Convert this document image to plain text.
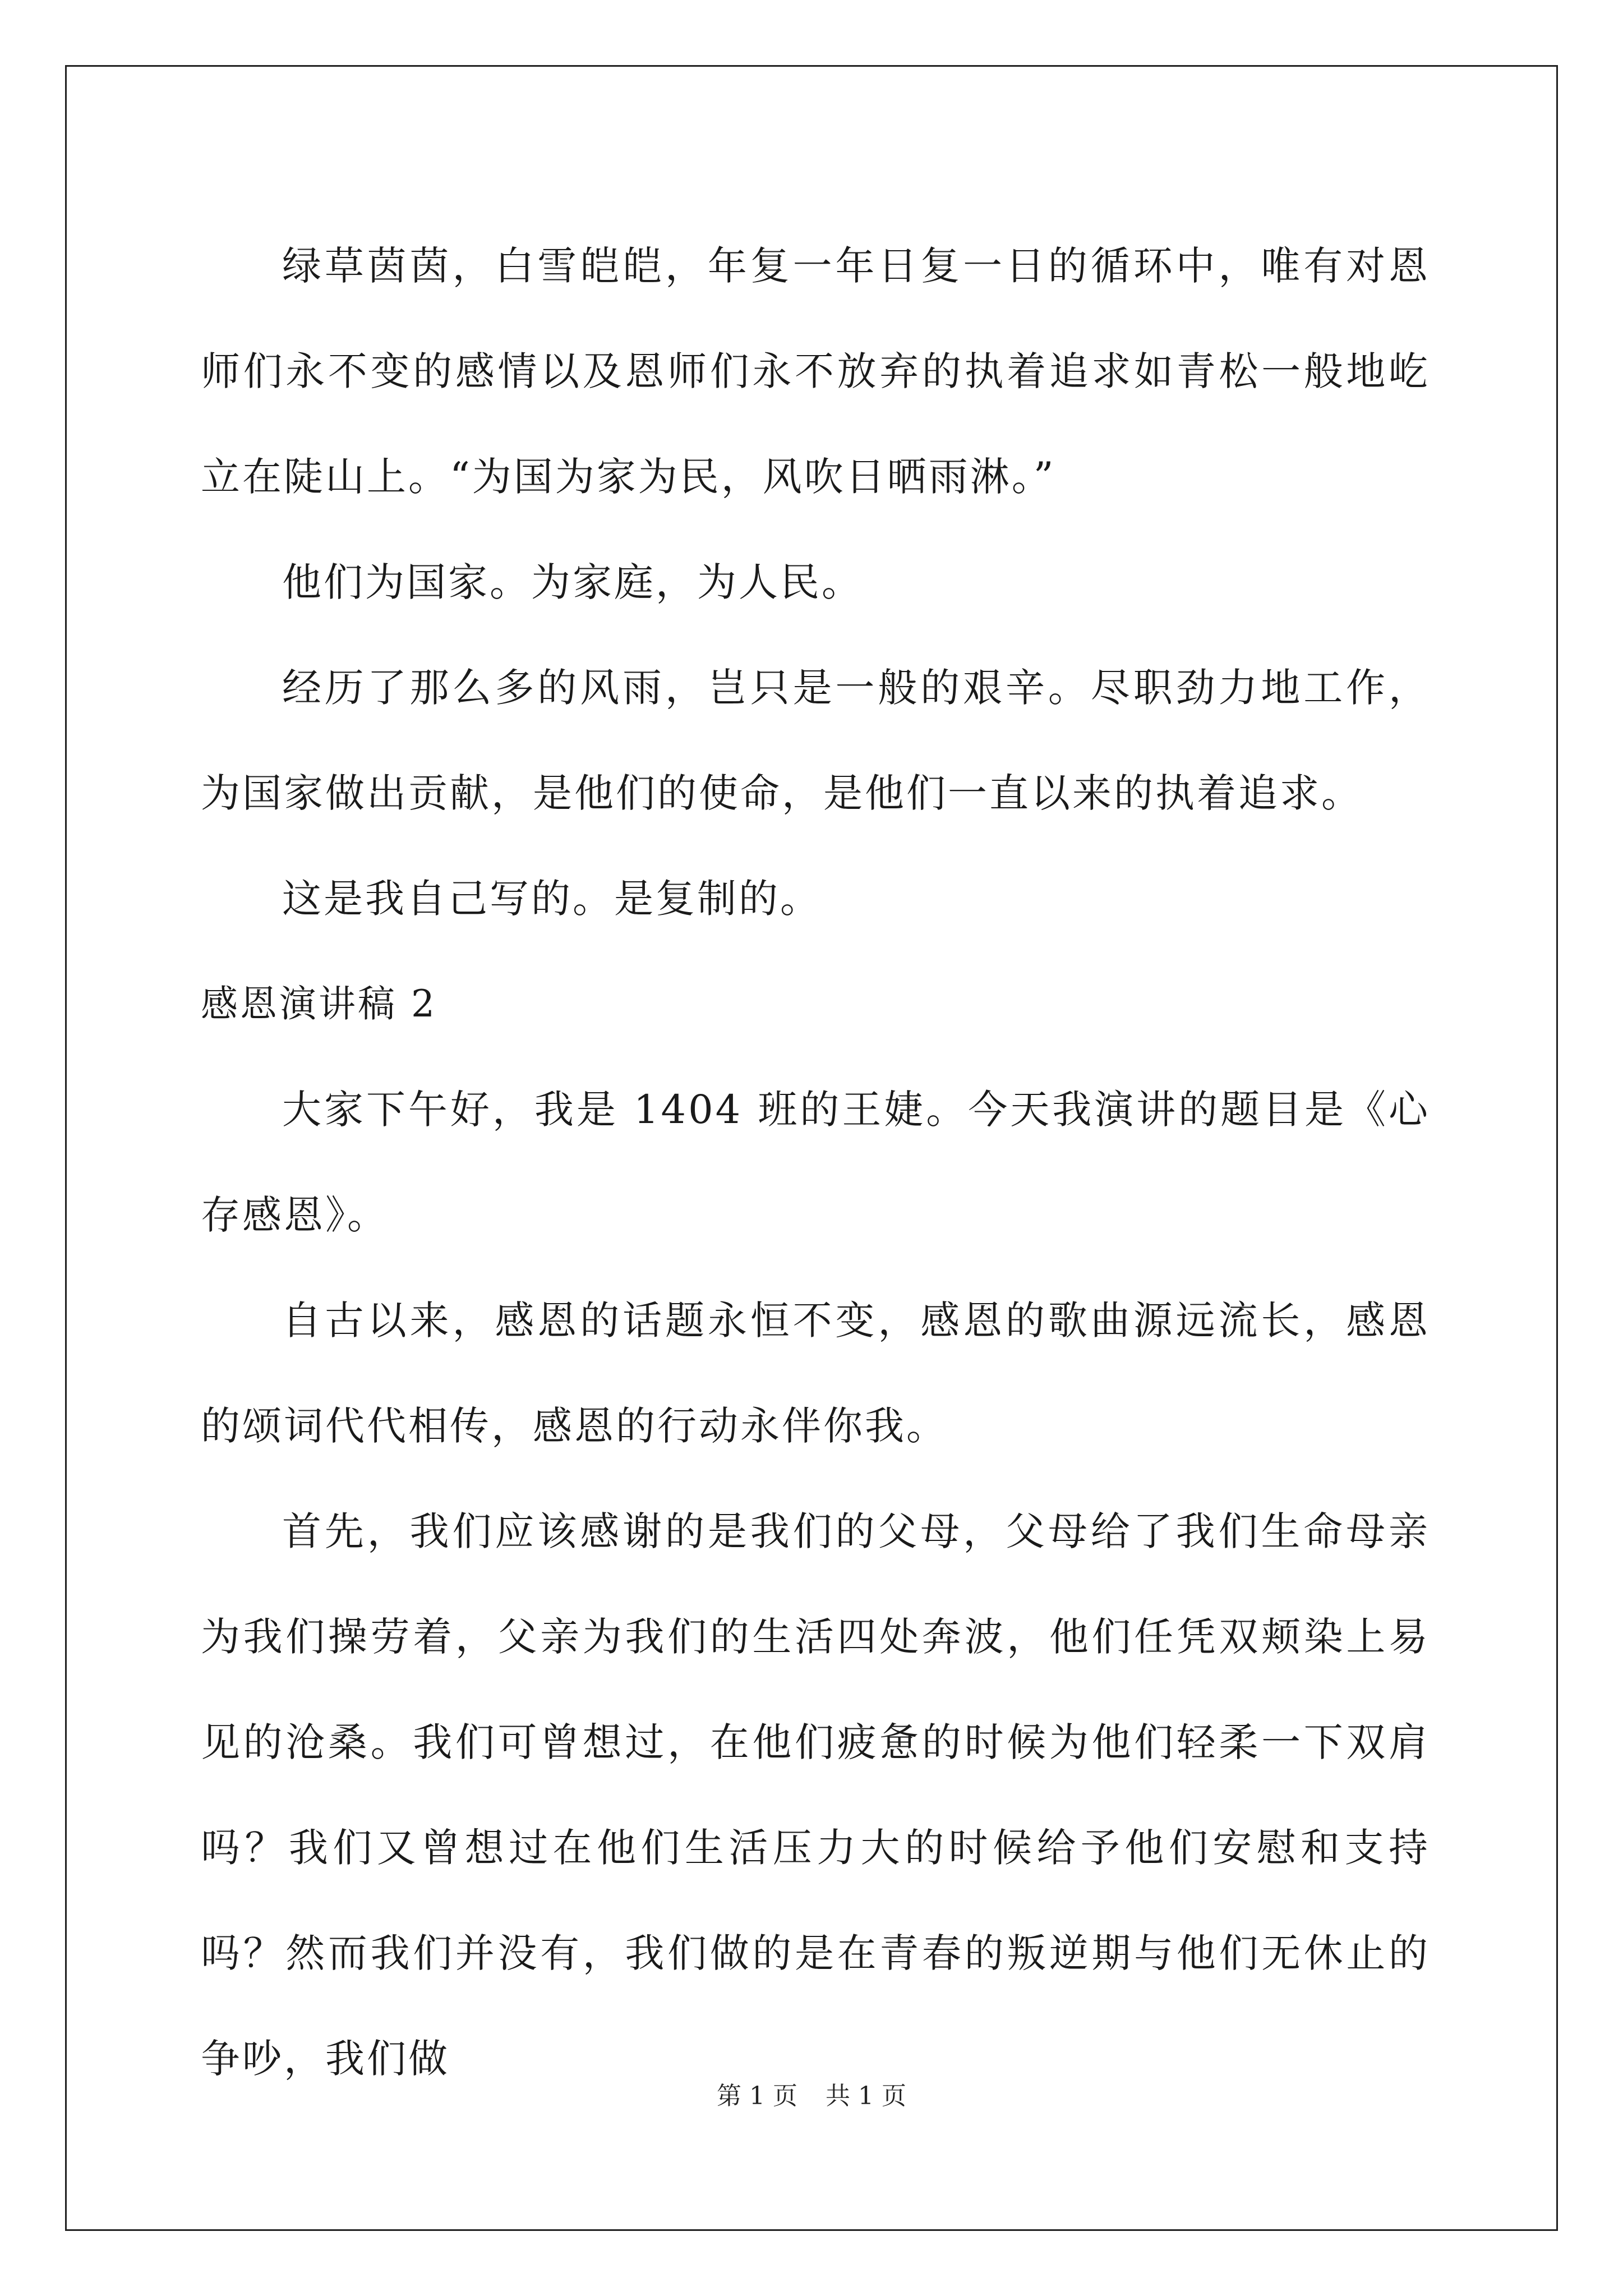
绿草茵茵，白雪皑皑，年复一年日复一日的循环中，唯有对恩师们永不变的感情以及恩师们永不放弃的执着追求如青松一般地屹立在陡山上。“为国为家为民，风吹日晒雨淋。”

他们为国家。为家庭，为人民。

经历了那么多的风雨，岂只是一般的艰辛。尽职劲力地工作，为国家做出贡献，是他们的使命，是他们一直以来的执着追求。

这是我自己写的。是复制的。

感恩演讲稿 2

大家下午好，我是 1404 班的王婕。今天我演讲的题目是《心存感恩》。

自古以来，感恩的话题永恒不变，感恩的歌曲源远流长，感恩的颂词代代相传，感恩的行动永伴你我。

首先，我们应该感谢的是我们的父母，父母给了我们生命母亲为我们操劳着，父亲为我们的生活四处奔波，他们任凭双颊染上易见的沧桑。我们可曾想过，在他们疲惫的时候为他们轻柔一下双肩吗？我们又曾想过在他们生活压力大的时候给予他们安慰和支持吗？然而我们并没有，我们做的是在青春的叛逆期与他们无休止的争吵，我们做

第 1 页 共 1 页
